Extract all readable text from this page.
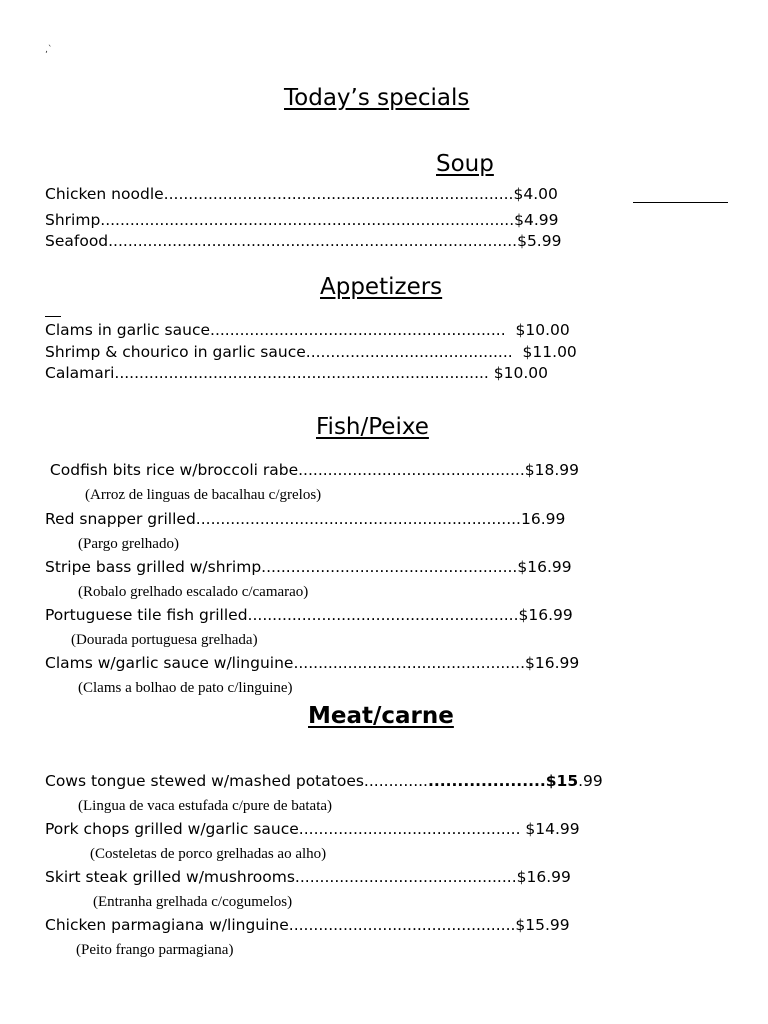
‚`
Today’s specials
Soup
Chicken noodle.......................................................................$4.00
Shrimp....................................................................................$4.99
Seafood...................................................................................$5.99
Appetizers
Clams in garlic sauce............................................................  $10.00
Shrimp & chourico in garlic sauce..........................................  $11.00
Calamari............................................................................ $10.00
Fish/Peixe
Codfish bits rice w/broccoli rabe..............................................$18.99
(Arroz de linguas de bacalhau c/grelos)
Red snapper grilled..................................................................16.99
(Pargo grelhado)
Stripe bass grilled w/shrimp....................................................$16.99
(Robalo grelhado escalado c/camarao)
Portuguese tile fish grilled.......................................................$16.99
(Dourada portuguesa grelhada)
Clams w/garlic sauce w/linguine...............................................$16.99
(Clams a bolhao de pato c/linguine)
Meat/carne
Cows tongue stewed w/mashed potatoes.................................$15.99
(Lingua de vaca estufada c/pure de batata)
Pork chops grilled w/garlic sauce............................................. $14.99
(Costeletas de porco grelhadas ao alho)
Skirt steak grilled w/mushrooms.............................................$16.99
(Entranha grelhada c/cogumelos)
Chicken parmagiana w/linguine..............................................$15.99
(Peito frango parmagiana)
